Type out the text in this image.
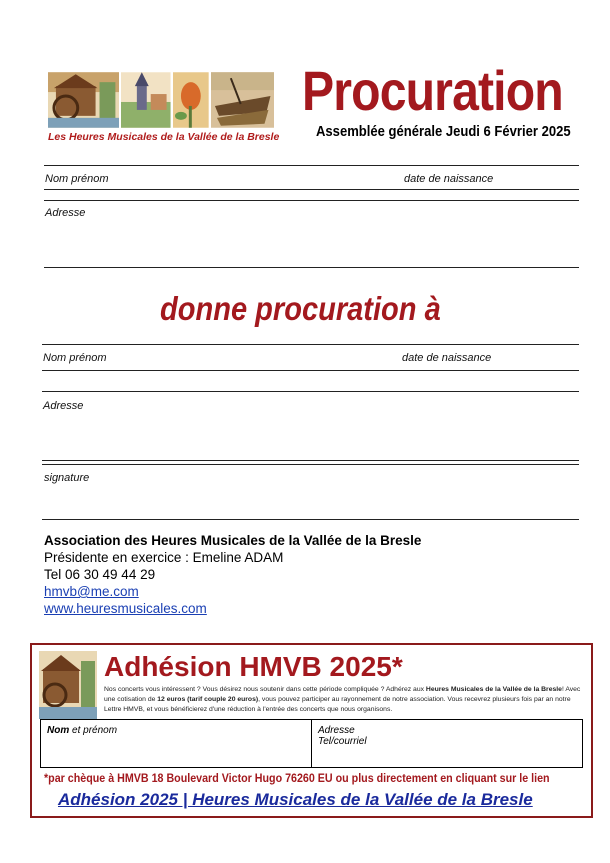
Les Heures Musicales de la Vallée de la Bresle
Procuration
Assemblée générale Jeudi 6 Février 2025
Nom prénom	date de naissance
Adresse
donne procuration à
Nom prénom	date de naissance
Adresse
signature
Association des Heures Musicales de la Vallée de la Bresle
Présidente en exercice : Emeline ADAM
Tel 06 30 49 44 29
hmvb@me.com
www.heuresmusicales.com
Adhésion HMVB 2025*
Nos concerts vous intéressent ? Vous désirez nous soutenir dans cette période compliquée ? Adhérez aux Heures Musicales de la Vallée de la Bresle! Avec une cotisation de 12 euros (tarif couple 20 euros), vous pouvez participer au rayonnement de notre association. Vous recevrez plusieurs fois par an notre Lettre HMVB, et vous bénéficierez d'une réduction à l'entrée des concerts que nous organisons.
Nom et prénom	Adresse
Tel/courriel
*par chèque à HMVB 18 Boulevard Victor Hugo 76260 EU ou plus directement en cliquant sur le lien
Adhésion 2025 | Heures Musicales de la Vallée de la Bresle
